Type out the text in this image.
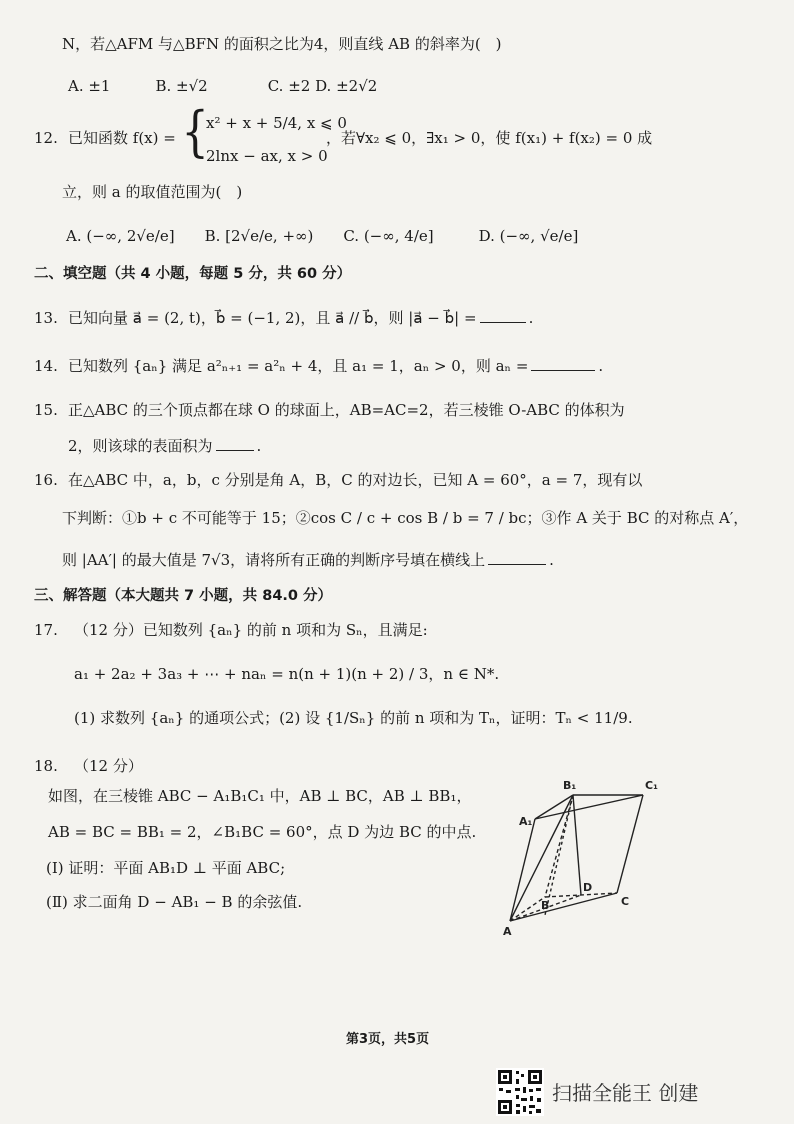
N，若△AFM 与△BFN 的面积之比为4，则直线 AB 的斜率为(　)
A. ±1　　　B. ±√2　　　　C. ±2 D. ±2√2
12. 已知函数 f(x) = {
x² + x + 5/4, x ⩽ 0
2lnx − ax, x > 0
，若∀x₂ ⩽ 0，∃x₁ > 0，使 f(x₁) + f(x₂) = 0 成
立，则 a 的取值范围为(　)
A. (−∞, 2√e/e]　　B. [2√e/e, +∞)　　C. (−∞, 4/e]　　　D. (−∞, √e/e]
二、填空题（共 4 小题，每题 5 分，共 60 分）
13. 已知向量 a⃗ = (2, t)，b⃗ = (−1, 2)，且 a⃗ // b⃗，则 |a⃗ − b⃗| =	.
14. 已知数列 {aₙ} 满足 a²ₙ₊₁ = a²ₙ + 4，且 a₁ = 1，aₙ > 0，则 aₙ =	.
15. 正△ABC 的三个顶点都在球 O 的球面上，AB=AC=2，若三棱锥 O-ABC 的体积为
2，则该球的表面积为	.
16. 在△ABC 中，a，b，c 分别是角 A，B，C 的对边长，已知 A = 60°，a = 7，现有以
下判断：①b + c 不可能等于 15；②cos C / c + cos B / b = 7 / bc；③作 A 关于 BC 的对称点 A′，
则 |AA′| 的最大值是 7√3，请将所有正确的判断序号填在横线上	.
三、解答题（本大题共 7 小题，共 84.0 分）
17. （12 分）已知数列 {aₙ} 的前 n 项和为 Sₙ，且满足:
a₁ + 2a₂ + 3a₃ + ⋯ + naₙ = n(n + 1)(n + 2) / 3，n ∈ N*.
(1) 求数列 {aₙ} 的通项公式；(2) 设 {1/Sₙ} 的前 n 项和为 Tₙ，证明：Tₙ < 11/9.
18. （12 分）
如图，在三棱锥 ABC − A₁B₁C₁ 中，AB ⊥ BC，AB ⊥ BB₁，
AB = BC = BB₁ = 2，∠B₁BC = 60°，点 D 为边 BC 的中点.
(Ⅰ) 证明：平面 AB₁D ⊥ 平面 ABC;
(Ⅱ) 求二面角 D − AB₁ − B 的余弦值.
B₁	C₁
A₁
A
B	C
D
第3页，共5页
扫描全能王 创建
